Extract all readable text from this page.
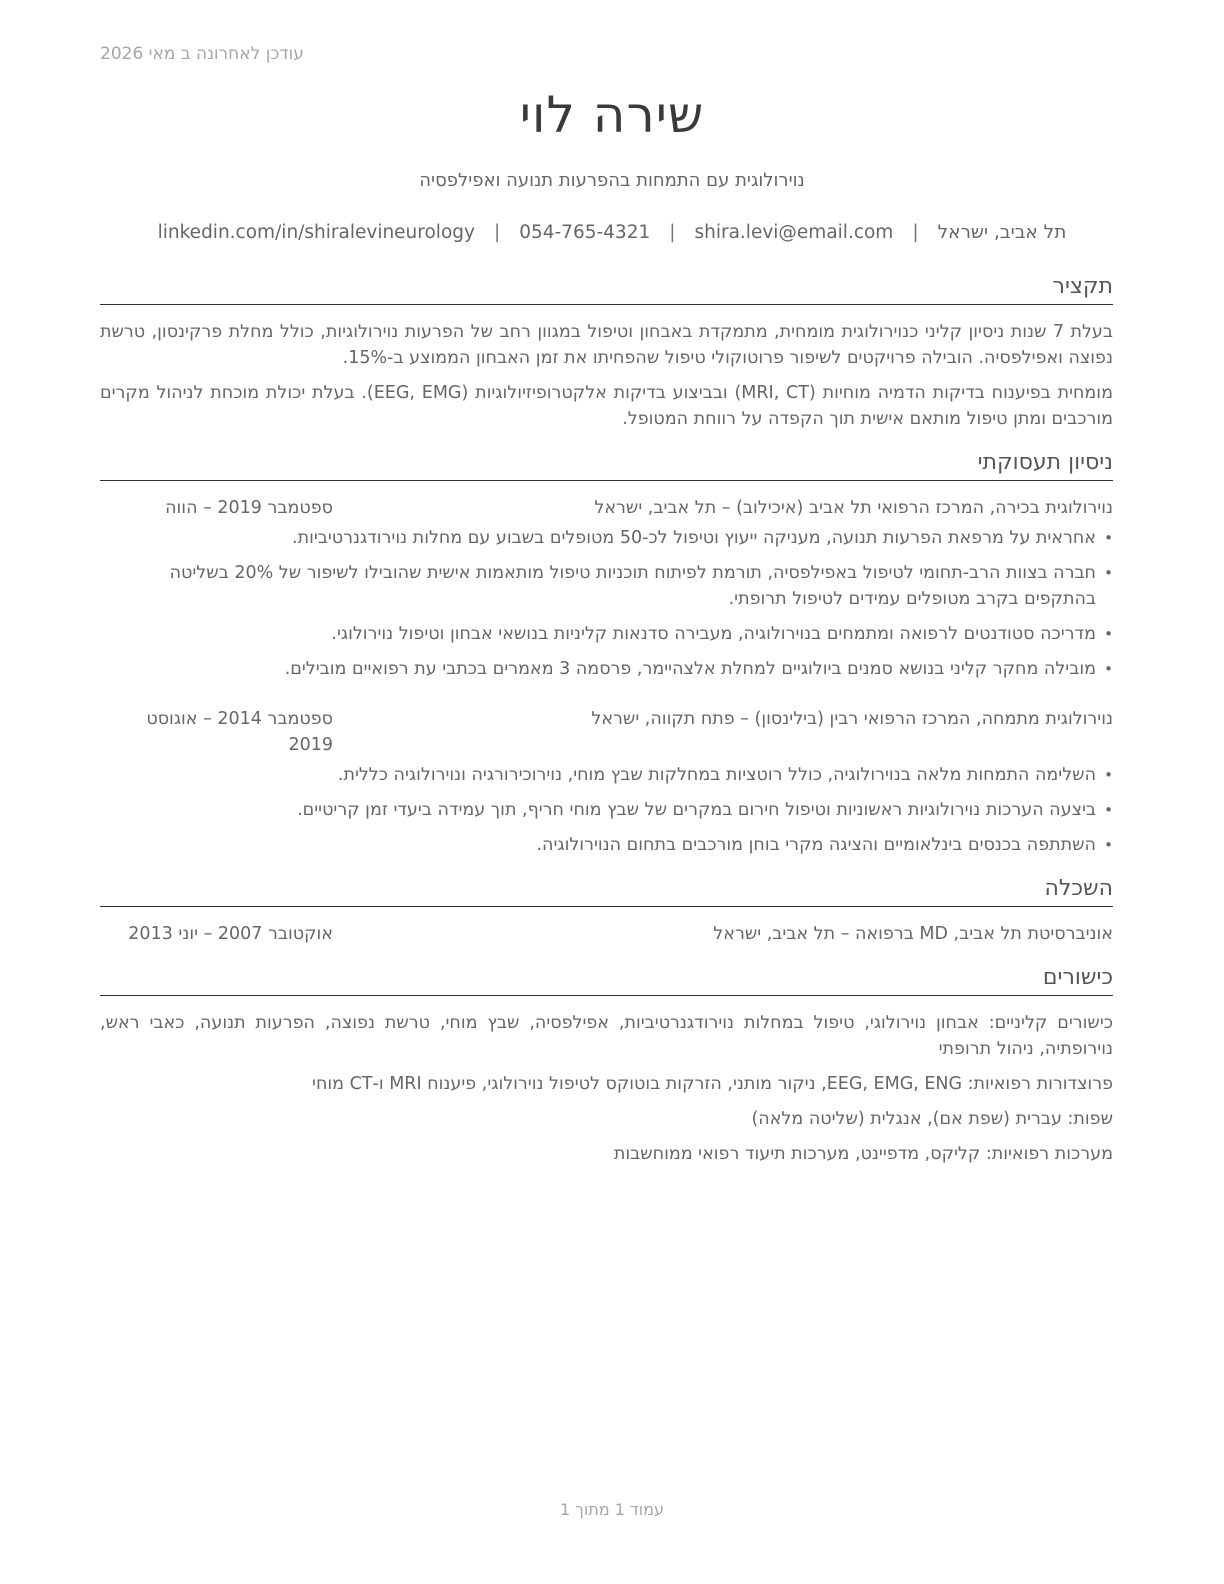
עודכן לאחרונה ב מאי 2026
שירה לוי
נוירולוגית עם התמחות בהפרעות תנועה ואפילפסיה
תל אביב, ישראל
|
shira.levi@email.com
|
054-765-4321
|
linkedin.com/in/shiralevineurology
תקציר

בעלת 7 שנות ניסיון קליני כנוירולוגית מומחית, מתמקדת באבחון וטיפול במגוון רחב של הפרעות נוירולוגיות, כולל מחלת פרקינסון, טרשת נפוצה ואפילפסיה. הובילה פרויקטים לשיפור פרוטוקולי טיפול שהפחיתו את זמן האבחון הממוצע ב-15%.

מומחית בפיענוח בדיקות הדמיה מוחיות (MRI, CT) ובביצוע בדיקות אלקטרופיזיולוגיות (EEG, EMG). בעלת יכולת מוכחת לניהול מקרים מורכבים ומתן טיפול מותאם אישית תוך הקפדה על רווחת המטופל.

ניסיון תעסוקתי
נוירולוגית בכירה, המרכז הרפואי תל אביב (איכילוב) – תל אביב, ישראל
ספטמבר 2019 – הווה
• אחראית על מרפאת הפרעות תנועה, מעניקה ייעוץ וטיפול לכ-50 מטופלים בשבוע עם מחלות נוירודגנרטיביות.
• חברה בצוות הרב-תחומי לטיפול באפילפסיה, תורמת לפיתוח תוכניות טיפול מותאמות אישית שהובילו לשיפור של 20% בשליטה בהתקפים בקרב מטופלים עמידים לטיפול תרופתי.
• מדריכה סטודנטים לרפואה ומתמחים בנוירולוגיה, מעבירה סדנאות קליניות בנושאי אבחון וטיפול נוירולוגי.
• מובילה מחקר קליני בנושא סמנים ביולוגיים למחלת אלצהיימר, פרסמה 3 מאמרים בכתבי עת רפואיים מובילים.
נוירולוגית מתמחה, המרכז הרפואי רבין (בילינסון) – פתח תקווה, ישראל
ספטמבר 2014 – אוגוסט 2019
• השלימה התמחות מלאה בנוירולוגיה, כולל רוטציות במחלקות שבץ מוחי, נוירוכירורגיה ונוירולוגיה כללית.
• ביצעה הערכות נוירולוגיות ראשוניות וטיפול חירום במקרים של שבץ מוחי חריף, תוך עמידה ביעדי זמן קריטיים.
• השתתפה בכנסים בינלאומיים והציגה מקרי בוחן מורכבים בתחום הנוירולוגיה.
השכלה
אוניברסיטת תל אביב, MD ברפואה – תל אביב, ישראל
אוקטובר 2007 – יוני 2013
כישורים

כישורים קליניים: אבחון נוירולוגי, טיפול במחלות נוירודגנרטיביות, אפילפסיה, שבץ מוחי, טרשת נפוצה, הפרעות תנועה, כאבי ראש, נוירופתיה, ניהול תרופתי

פרוצדורות רפואיות: EEG, EMG, ENG, ניקור מותני, הזרקות בוטוקס לטיפול נוירולוגי, פיענוח MRI ו-CT מוחי

שפות: עברית (שפת אם), אנגלית (שליטה מלאה)

מערכות רפואיות: קליקס, מדפיינט, מערכות תיעוד רפואי ממוחשבות

עמוד 1 מתוך 1
